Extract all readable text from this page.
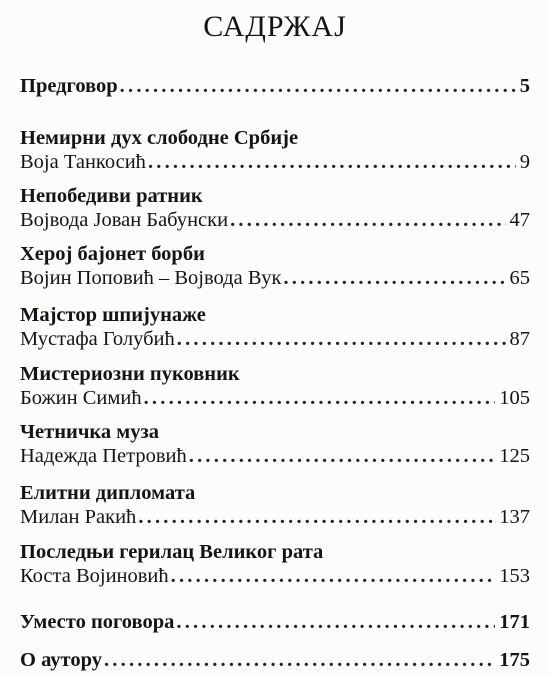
САДРЖАЈ
Предговор .....	5
Немирни дух слободне Србије
Воја Танкосић .....	9
Непобедиви ратник
Војвода Јован Бабунски .....	47
Херој бајонет борби
Војин Поповић – Војвода Вук .....	65
Мајстор шпијунаже
Мустафа Голубић .....	87
Мистериозни пуковник
Божин Симић .....	105
Четничка муза
Надежда Петровић .....	125
Елитни дипломата
Милан Ракић .....	137
Последњи герилац Великог рата
Коста Војиновић .....	153
Уместо поговора .....	171
О аутору .....	175
